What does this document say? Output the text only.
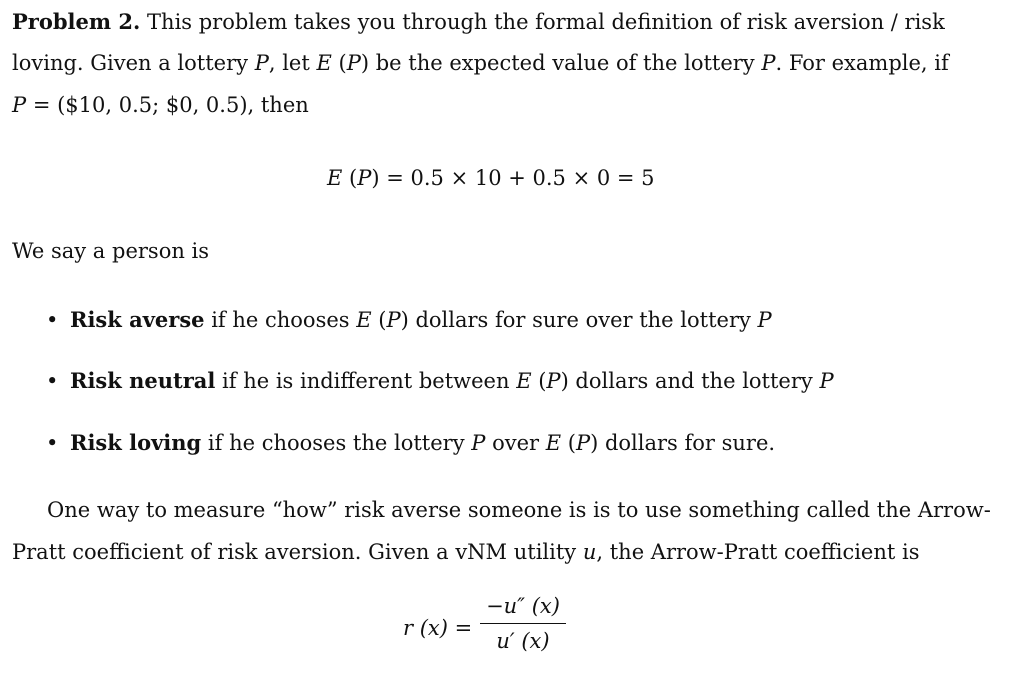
Problem 2. This problem takes you through the formal definition of risk aversion / risk
loving. Given a lottery P, let E (P) be the expected value of the lottery P. For example, if
P = ($10, 0.5; $0, 0.5), then
E (P) = 0.5 × 10 + 0.5 × 0 = 5
We say a person is
• Risk averse if he chooses E (P) dollars for sure over the lottery P
• Risk neutral if he is indifferent between E (P) dollars and the lottery P
• Risk loving if he chooses the lottery P over E (P) dollars for sure.
One way to measure “how” risk averse someone is is to use something called the Arrow-
Pratt coefficient of risk aversion. Given a vNM utility u, the Arrow-Pratt coefficient is
r (x) =
−u″ (x)
u′ (x)
